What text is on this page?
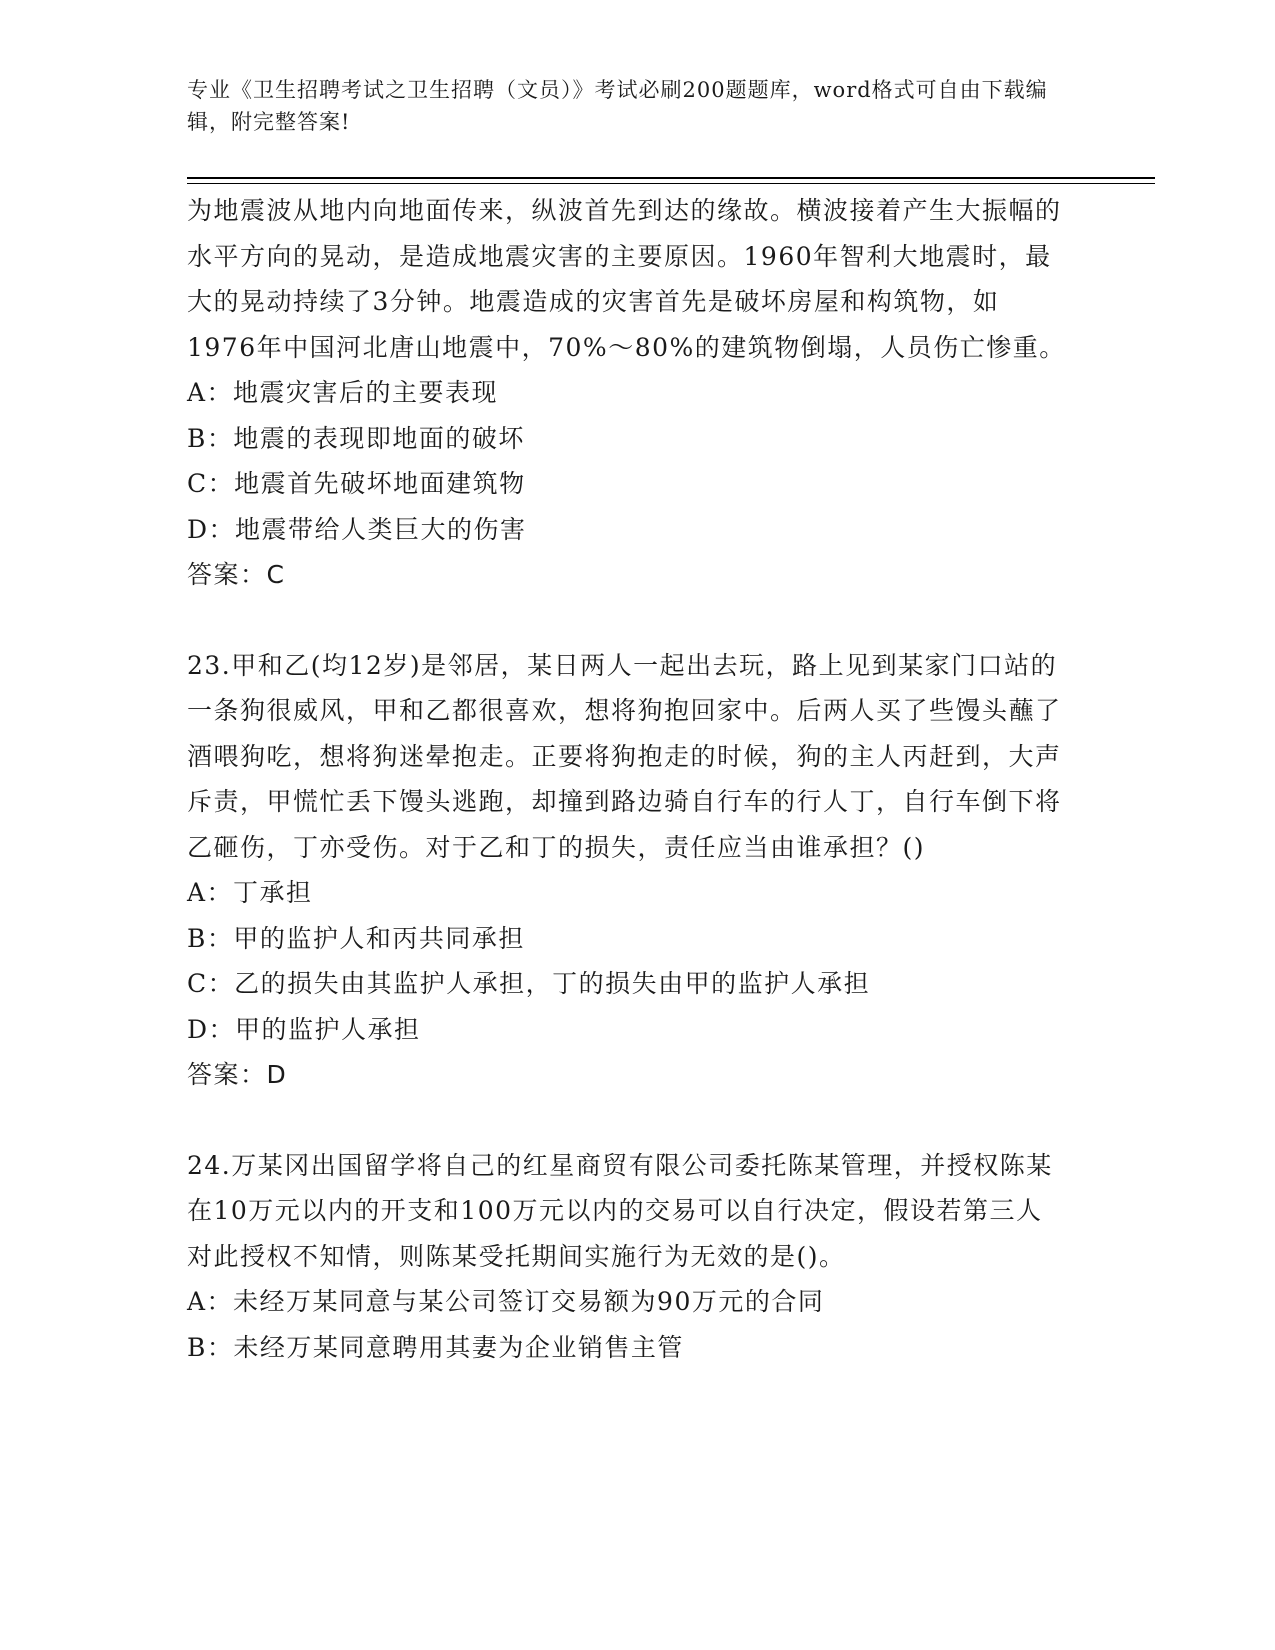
专业《卫生招聘考试之卫生招聘（文员）》考试必刷200题题库，word格式可自由下载编辑，附完整答案!

为地震波从地内向地面传来，纵波首先到达的缘故。横波接着产生大振幅的水平方向的晃动，是造成地震灾害的主要原因。1960年智利大地震时，最大的晃动持续了3分钟。地震造成的灾害首先是破坏房屋和构筑物，如1976年中国河北唐山地震中，70%～80%的建筑物倒塌，人员伤亡惨重。

A：地震灾害后的主要表现

B：地震的表现即地面的破坏

C：地震首先破坏地面建筑物

D：地震带给人类巨大的伤害

答案：C

23.甲和乙(均12岁)是邻居，某日两人一起出去玩，路上见到某家门口站的一条狗很威风，甲和乙都很喜欢，想将狗抱回家中。后两人买了些馒头蘸了酒喂狗吃，想将狗迷晕抱走。正要将狗抱走的时候，狗的主人丙赶到，大声斥责，甲慌忙丢下馒头逃跑，却撞到路边骑自行车的行人丁，自行车倒下将乙砸伤，丁亦受伤。对于乙和丁的损失，责任应当由谁承担？()

A：丁承担

B：甲的监护人和丙共同承担

C：乙的损失由其监护人承担，丁的损失由甲的监护人承担

D：甲的监护人承担

答案：D

24.万某冈出国留学将自己的红星商贸有限公司委托陈某管理，并授权陈某在10万元以内的开支和100万元以内的交易可以自行决定，假设若第三人对此授权不知情，则陈某受托期间实施行为无效的是()。

A：未经万某同意与某公司签订交易额为90万元的合同

B：未经万某同意聘用其妻为企业销售主管
